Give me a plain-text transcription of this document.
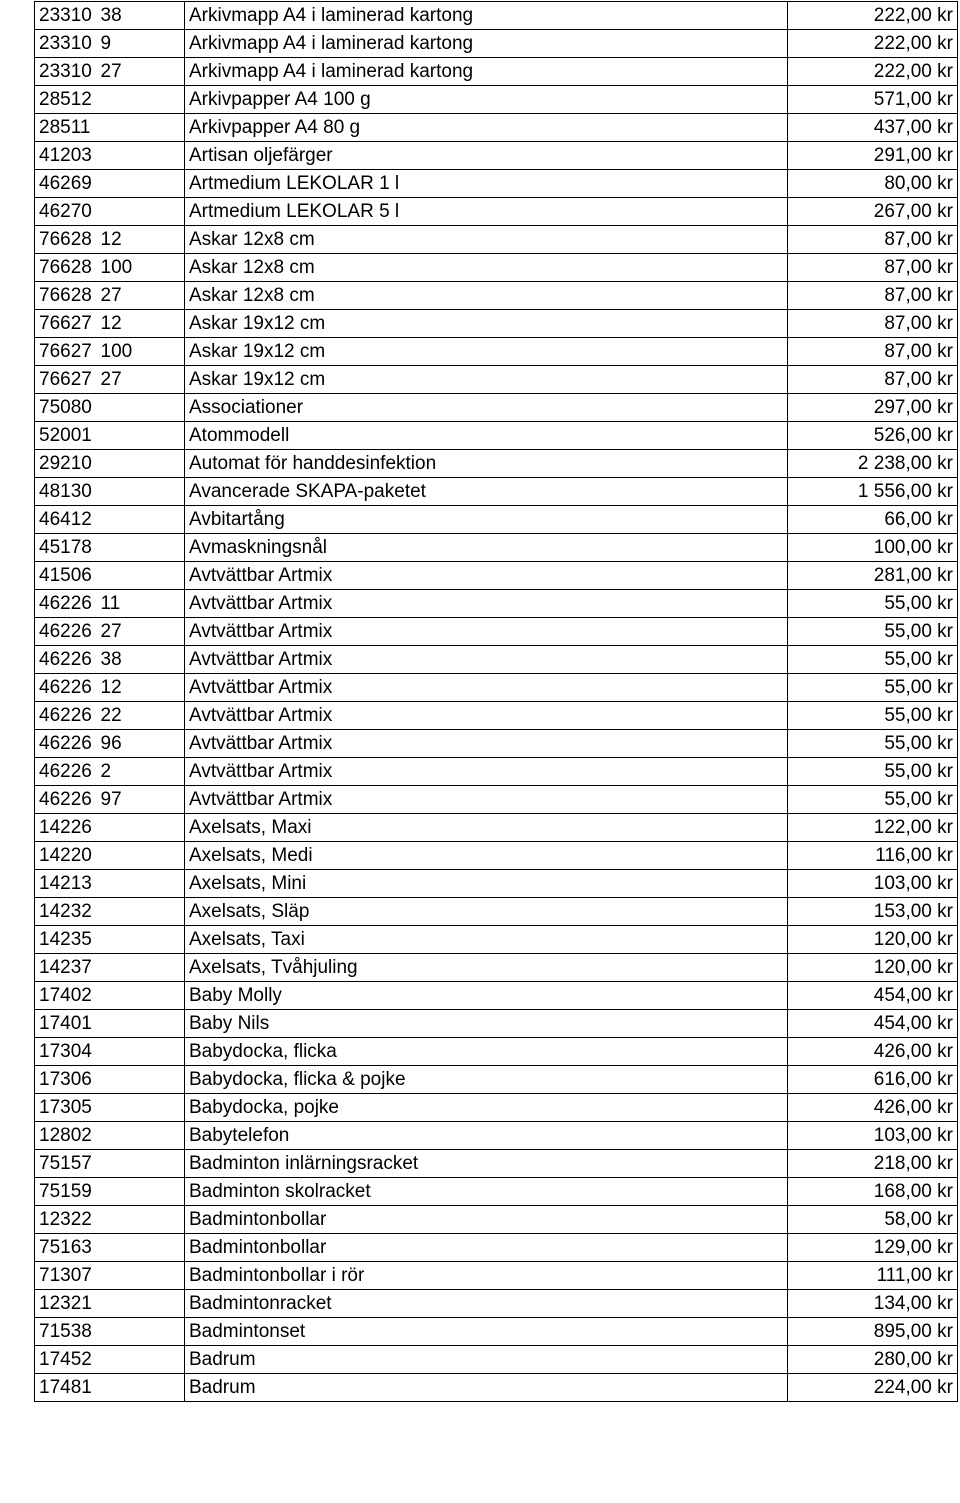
23310	38	Arkivmapp A4 i laminerad kartong	222,00 kr
23310	9	Arkivmapp A4 i laminerad kartong	222,00 kr
23310	27	Arkivmapp A4 i laminerad kartong	222,00 kr
28512		Arkivpapper A4 100 g	571,00 kr
28511		Arkivpapper A4 80 g	437,00 kr
41203		Artisan oljefärger	291,00 kr
46269		Artmedium LEKOLAR 1 l	80,00 kr
46270		Artmedium LEKOLAR 5 l	267,00 kr
76628	12	Askar 12x8 cm	87,00 kr
76628	100	Askar 12x8 cm	87,00 kr
76628	27	Askar 12x8 cm	87,00 kr
76627	12	Askar 19x12 cm	87,00 kr
76627	100	Askar 19x12 cm	87,00 kr
76627	27	Askar 19x12 cm	87,00 kr
75080		Associationer	297,00 kr
52001		Atommodell	526,00 kr
29210		Automat för handdesinfektion	2 238,00 kr
48130		Avancerade SKAPA-paketet	1 556,00 kr
46412		Avbitartång	66,00 kr
45178		Avmaskningsnål	100,00 kr
41506		Avtvättbar Artmix	281,00 kr
46226	11	Avtvättbar Artmix	55,00 kr
46226	27	Avtvättbar Artmix	55,00 kr
46226	38	Avtvättbar Artmix	55,00 kr
46226	12	Avtvättbar Artmix	55,00 kr
46226	22	Avtvättbar Artmix	55,00 kr
46226	96	Avtvättbar Artmix	55,00 kr
46226	2	Avtvättbar Artmix	55,00 kr
46226	97	Avtvättbar Artmix	55,00 kr
14226		Axelsats, Maxi	122,00 kr
14220		Axelsats, Medi	116,00 kr
14213		Axelsats, Mini	103,00 kr
14232		Axelsats, Släp	153,00 kr
14235		Axelsats, Taxi	120,00 kr
14237		Axelsats, Tvåhjuling	120,00 kr
17402		Baby Molly	454,00 kr
17401		Baby Nils	454,00 kr
17304		Babydocka, flicka	426,00 kr
17306		Babydocka, flicka & pojke	616,00 kr
17305		Babydocka, pojke	426,00 kr
12802		Babytelefon	103,00 kr
75157		Badminton inlärningsracket	218,00 kr
75159		Badminton skolracket	168,00 kr
12322		Badmintonbollar	58,00 kr
75163		Badmintonbollar	129,00 kr
71307		Badmintonbollar i rör	111,00 kr
12321		Badmintonracket	134,00 kr
71538		Badmintonset	895,00 kr
17452		Badrum	280,00 kr
17481		Badrum	224,00 kr
